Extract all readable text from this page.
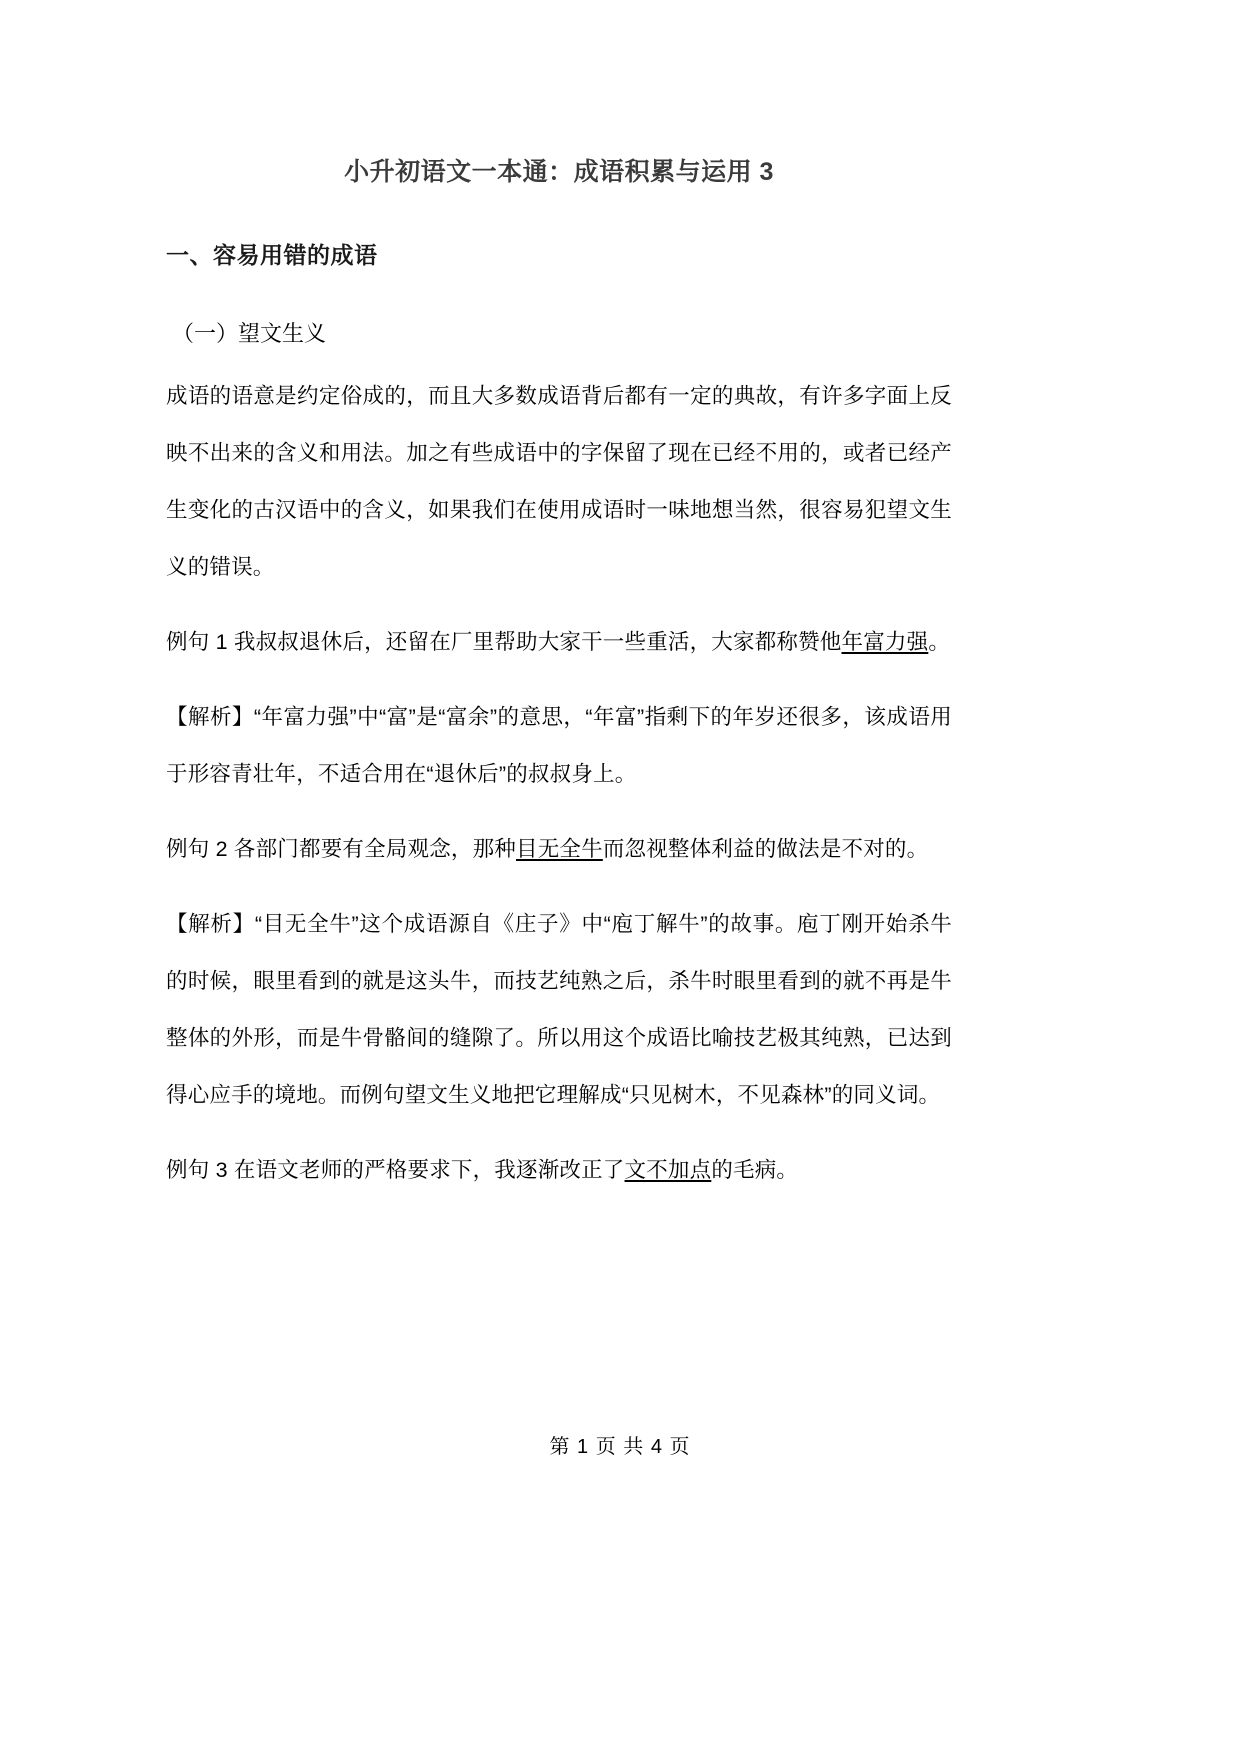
小升初语文一本通：成语积累与运用 3
一、容易用错的成语
（一）望文生义

成语的语意是约定俗成的，而且大多数成语背后都有一定的典故，有许多字面上反映不出来的含义和用法。加之有些成语中的字保留了现在已经不用的，或者已经产生变化的古汉语中的含义，如果我们在使用成语时一味地想当然，很容易犯望文生义的错误。

例句 1 我叔叔退休后，还留在厂里帮助大家干一些重活，大家都称赞他年富力强。

【解析】“年富力强”中“富”是“富余”的意思，“年富”指剩下的年岁还很多，该成语用于形容青壮年，不适合用在“退休后”的叔叔身上。

例句 2 各部门都要有全局观念，那种目无全牛而忽视整体利益的做法是不对的。

【解析】“目无全牛”这个成语源自《庄子》中“庖丁解牛”的故事。庖丁刚开始杀牛的时候，眼里看到的就是这头牛，而技艺纯熟之后，杀牛时眼里看到的就不再是牛整体的外形，而是牛骨骼间的缝隙了。所以用这个成语比喻技艺极其纯熟，已达到得心应手的境地。而例句望文生义地把它理解成“只见树木，不见森林”的同义词。

例句 3 在语文老师的严格要求下，我逐渐改正了文不加点的毛病。

第 1 页 共 4 页
